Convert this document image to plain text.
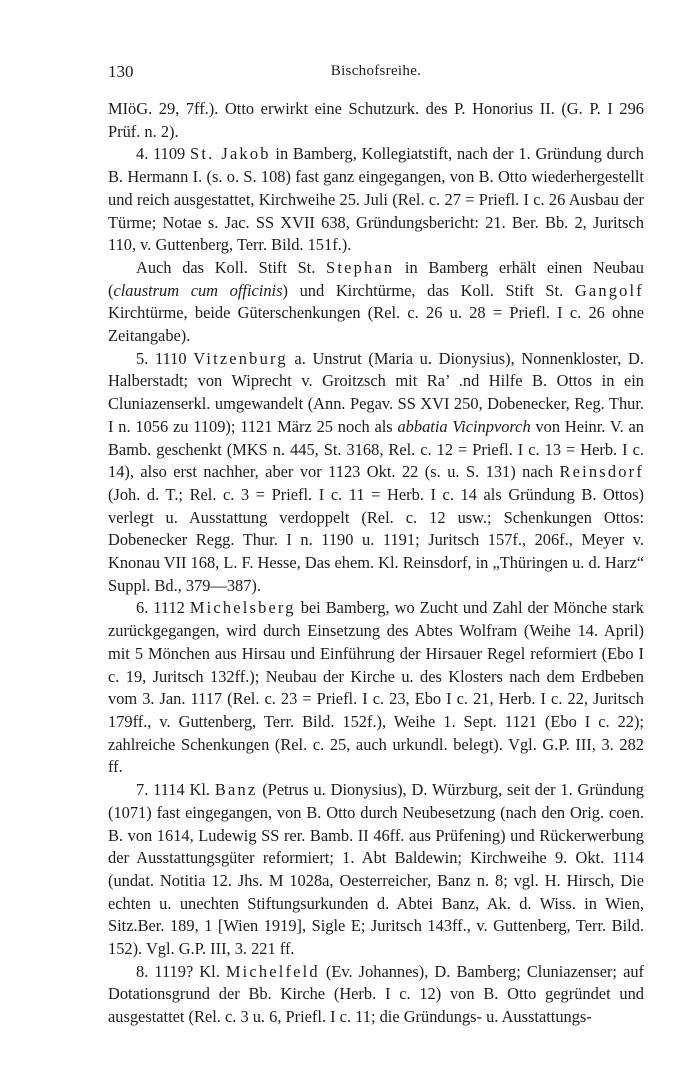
130	Bischofsreihe.

MIöG. 29, 7ff.). Otto erwirkt eine Schutzurk. des P. Honorius II. (G. P. I 296 Prüf. n. 2).

4. 1109 St. Jakob in Bamberg, Kollegiatstift, nach der 1. Gründung durch B. Hermann I. (s. o. S. 108) fast ganz eingegangen, von B. Otto wiederhergestellt und reich ausgestattet, Kirchweihe 25. Juli (Rel. c. 27 = Priefl. I c. 26 Ausbau der Türme; Notae s. Jac. SS XVII 638, Gründungsbericht: 21. Ber. Bb. 2, Juritsch 110, v. Guttenberg, Terr. Bild. 151f.).

Auch das Koll. Stift St. Stephan in Bamberg erhält einen Neubau (claustrum cum officinis) und Kirchtürme, das Koll. Stift St. Gangolf Kirchtürme, beide Güterschenkungen (Rel. c. 26 u. 28 = Priefl. I c. 26 ohne Zeitangabe).

5. 1110 Vitzenburg a. Unstrut (Maria u. Dionysius), Nonnenkloster, D. Halberstadt; von Wiprecht v. Groitzsch mit Ra’ .nd Hilfe B. Ottos in ein Cluniazenserkl. umgewandelt (Ann. Pegav. SS XVI 250, Dobenecker, Reg. Thur. I n. 1056 zu 1109); 1121 März 25 noch als abbatia Vicinpvorch von Heinr. V. an Bamb. geschenkt (MKS n. 445, St. 3168, Rel. c. 12 = Priefl. I c. 13 = Herb. I c. 14), also erst nachher, aber vor 1123 Okt. 22 (s. u. S. 131) nach Reinsdorf (Joh. d. T.; Rel. c. 3 = Priefl. I c. 11 = Herb. I c. 14 als Gründung B. Ottos) verlegt u. Ausstattung verdoppelt (Rel. c. 12 usw.; Schenkungen Ottos: Dobenecker Regg. Thur. I n. 1190 u. 1191; Juritsch 157f., 206f., Meyer v. Knonau VII 168, L. F. Hesse, Das ehem. Kl. Reinsdorf, in „Thüringen u. d. Harz“ Suppl. Bd., 379—387).

6. 1112 Michelsberg bei Bamberg, wo Zucht und Zahl der Mönche stark zurückgegangen, wird durch Einsetzung des Abtes Wolfram (Weihe 14. April) mit 5 Mönchen aus Hirsau und Einführung der Hirsauer Regel reformiert (Ebo I c. 19, Juritsch 132ff.); Neubau der Kirche u. des Klosters nach dem Erdbeben vom 3. Jan. 1117 (Rel. c. 23 = Priefl. I c. 23, Ebo I c. 21, Herb. I c. 22, Juritsch 179ff., v. Guttenberg, Terr. Bild. 152f.), Weihe 1. Sept. 1121 (Ebo I c. 22); zahlreiche Schenkungen (Rel. c. 25, auch urkundl. belegt). Vgl. G.P. III, 3. 282 ff.

7. 1114 Kl. Banz (Petrus u. Dionysius), D. Würzburg, seit der 1. Gründung (1071) fast eingegangen, von B. Otto durch Neubesetzung (nach den Orig. coen. B. von 1614, Ludewig SS rer. Bamb. II 46ff. aus Prüfening) und Rückerwerbung der Ausstattungsgüter reformiert; 1. Abt Baldewin; Kirchweihe 9. Okt. 1114 (undat. Notitia 12. Jhs. M 1028a, Oesterreicher, Banz n. 8; vgl. H. Hirsch, Die echten u. unechten Stiftungsurkunden d. Abtei Banz, Ak. d. Wiss. in Wien, Sitz.Ber. 189, 1 [Wien 1919], Sigle E; Juritsch 143ff., v. Guttenberg, Terr. Bild. 152). Vgl. G.P. III, 3. 221 ff.

8. 1119? Kl. Michelfeld (Ev. Johannes), D. Bamberg; Cluniazenser; auf Dotationsgrund der Bb. Kirche (Herb. I c. 12) von B. Otto gegründet und ausgestattet (Rel. c. 3 u. 6, Priefl. I c. 11; die Gründungs- u. Ausstattungs-
